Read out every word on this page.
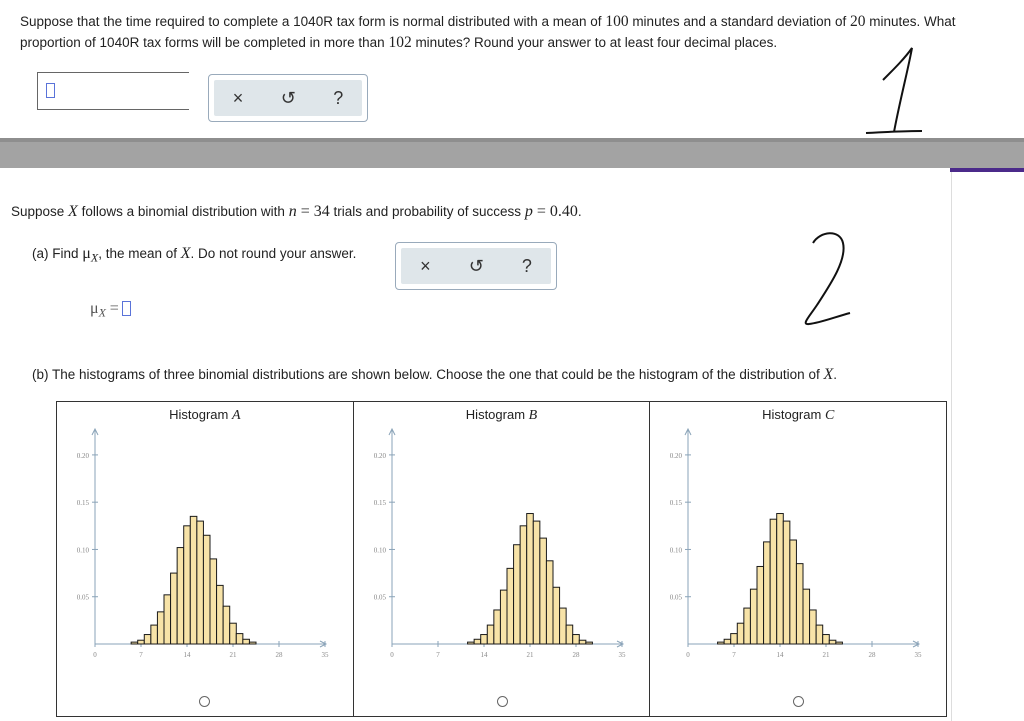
Suppose that the time required to complete a 1040R tax form is normal distributed with a mean of 100 minutes and a standard deviation of 20 minutes. What proportion of 1040R tax forms will be completed in more than 102 minutes? Round your answer to at least four decimal places.
× ↺ ?
Suppose X follows a binomial distribution with n = 34 trials and probability of success p = 0.40.
(a) Find $\mu_X$, the mean of X. Do not round your answer.
× ↺ ?
$\mu_X$ =
(b) The histograms of three binomial distributions are shown below. Choose the one that could be the histogram of the distribution of X.
Histogram A
0.05
0.10
0.15
0.20
0	7	14	21	28	35
Histogram B
0.05
0.10
0.15
0.20
0	7	14	21	28	35
Histogram C
0.05
0.10
0.15
0.20
0	7	14	21	28	35
